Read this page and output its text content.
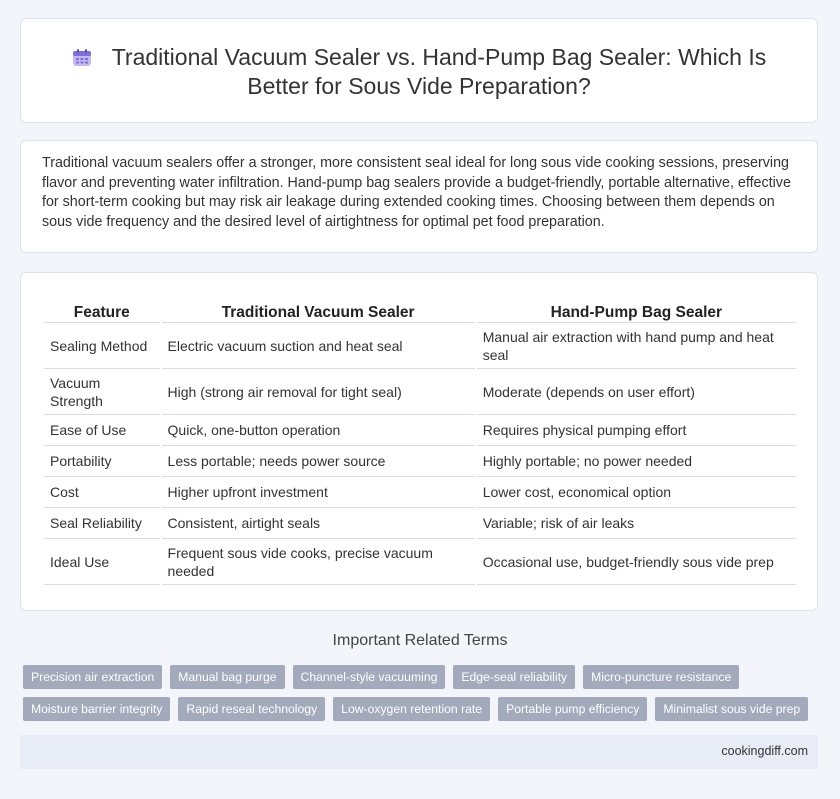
Traditional Vacuum Sealer vs. Hand-Pump Bag Sealer: Which Is Better for Sous Vide Preparation?

Traditional vacuum sealers offer a stronger, more consistent seal ideal for long sous vide cooking sessions, preserving flavor and preventing water infiltration. Hand-pump bag sealers provide a budget-friendly, portable alternative, effective for short-term cooking but may risk air leakage during extended cooking times. Choosing between them depends on sous vide frequency and the desired level of airtightness for optimal pet food preparation.

Feature	Traditional Vacuum Sealer	Hand-Pump Bag Sealer
Sealing Method	Electric vacuum suction and heat seal	Manual air extraction with hand pump and heat seal
Vacuum Strength	High (strong air removal for tight seal)	Moderate (depends on user effort)
Ease of Use	Quick, one-button operation	Requires physical pumping effort
Portability	Less portable; needs power source	Highly portable; no power needed
Cost	Higher upfront investment	Lower cost, economical option
Seal Reliability	Consistent, airtight seals	Variable; risk of air leaks
Ideal Use	Frequent sous vide cooks, precise vacuum needed	Occasional use, budget-friendly sous vide prep
Important Related Terms
Precision air extraction	Manual bag purge	Channel-style vacuuming	Edge-seal reliability	Micro-puncture resistance
Moisture barrier integrity	Rapid reseal technology	Low-oxygen retention rate	Portable pump efficiency	Minimalist sous vide prep
cookingdiff.com
